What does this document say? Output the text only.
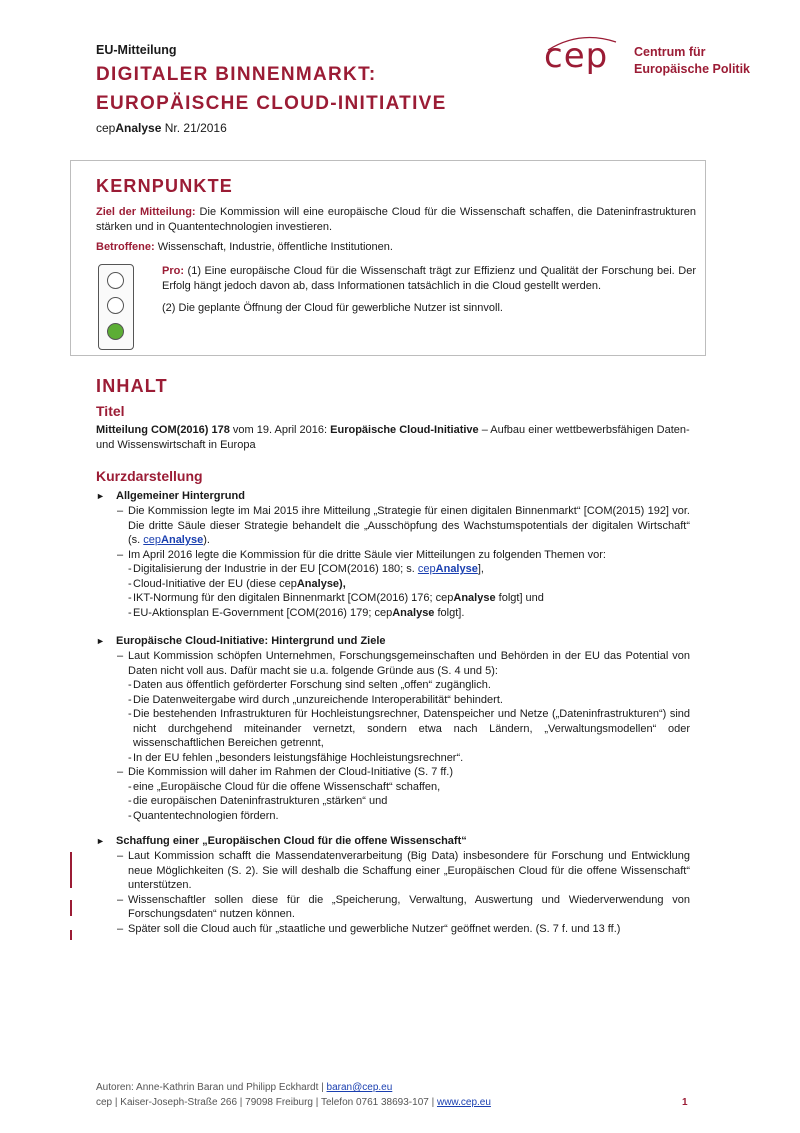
EU-Mitteilung
DIGITALER BINNENMARKT:
EUROPÄISCHE CLOUD-INITIATIVE
cepAnalyse Nr. 21/2016
cep Centrum für
Europäische Politik
KERNPUNKTE
Ziel der Mitteilung: Die Kommission will eine europäische Cloud für die Wissenschaft schaffen, die Dateninfrastrukturen stärken und in Quantentechnologien investieren.
Betroffene: Wissenschaft, Industrie, öffentliche Institutionen.
Pro: (1) Eine europäische Cloud für die Wissenschaft trägt zur Effizienz und Qualität der Forschung bei. Der Erfolg hängt jedoch davon ab, dass Informationen tatsächlich in die Cloud gestellt werden.
(2) Die geplante Öffnung der Cloud für gewerbliche Nutzer ist sinnvoll.
INHALT
Titel
Mitteilung COM(2016) 178 vom 19. April 2016: Europäische Cloud-Initiative – Aufbau einer wettbewerbsfähigen Daten- und Wissenswirtschaft in Europa
Kurzdarstellung
► Allgemeiner Hintergrund
– Die Kommission legte im Mai 2015 ihre Mitteilung „Strategie für einen digitalen Binnenmarkt“ [COM(2015) 192] vor. Die dritte Säule dieser Strategie behandelt die „Ausschöpfung des Wachstumspotentials der digitalen Wirtschaft“ (s. cepAnalyse).
– Im April 2016 legte die Kommission für die dritte Säule vier Mitteilungen zu folgenden Themen vor:
- Digitalisierung der Industrie in der EU [COM(2016) 180; s. cepAnalyse],
- Cloud-Initiative der EU (diese cepAnalyse),
- IKT-Normung für den digitalen Binnenmarkt [COM(2016) 176; cepAnalyse folgt] und
- EU-Aktionsplan E-Government [COM(2016) 179; cepAnalyse folgt].
► Europäische Cloud-Initiative: Hintergrund und Ziele
– Laut Kommission schöpfen Unternehmen, Forschungsgemeinschaften und Behörden in der EU das Potential von Daten nicht voll aus. Dafür macht sie u.a. folgende Gründe aus (S. 4 und 5):
- Daten aus öffentlich geförderter Forschung sind selten „offen“ zugänglich.
- Die Datenweitergabe wird durch „unzureichende Interoperabilität“ behindert.
- Die bestehenden Infrastrukturen für Hochleistungsrechner, Datenspeicher und Netze („Dateninfrastrukturen“) sind nicht durchgehend miteinander vernetzt, sondern etwa nach Ländern, „Verwaltungsmodellen“ oder wissenschaftlichen Bereichen getrennt,
- In der EU fehlen „besonders leistungsfähige Hochleistungsrechner“.
– Die Kommission will daher im Rahmen der Cloud-Initiative (S. 7 ff.)
- eine „Europäische Cloud für die offene Wissenschaft“ schaffen,
- die europäischen Dateninfrastrukturen „stärken“ und
- Quantentechnologien fördern.
► Schaffung einer „Europäischen Cloud für die offene Wissenschaft“
– Laut Kommission schafft die Massendatenverarbeitung (Big Data) insbesondere für Forschung und Entwicklung neue Möglichkeiten (S. 2). Sie will deshalb die Schaffung einer „Europäischen Cloud für die offene Wissenschaft“ unterstützen.
– Wissenschaftler sollen diese für die „Speicherung, Verwaltung, Auswertung und Wiederverwendung von Forschungsdaten“ nutzen können.
– Später soll die Cloud auch für „staatliche und gewerbliche Nutzer“ geöffnet werden. (S. 7 f. und 13 ff.)
Autoren: Anne-Kathrin Baran und Philipp Eckhardt | baran@cep.eu
cep | Kaiser-Joseph-Straße 266 | 79098 Freiburg | Telefon 0761 38693-107 | www.cep.eu	1
